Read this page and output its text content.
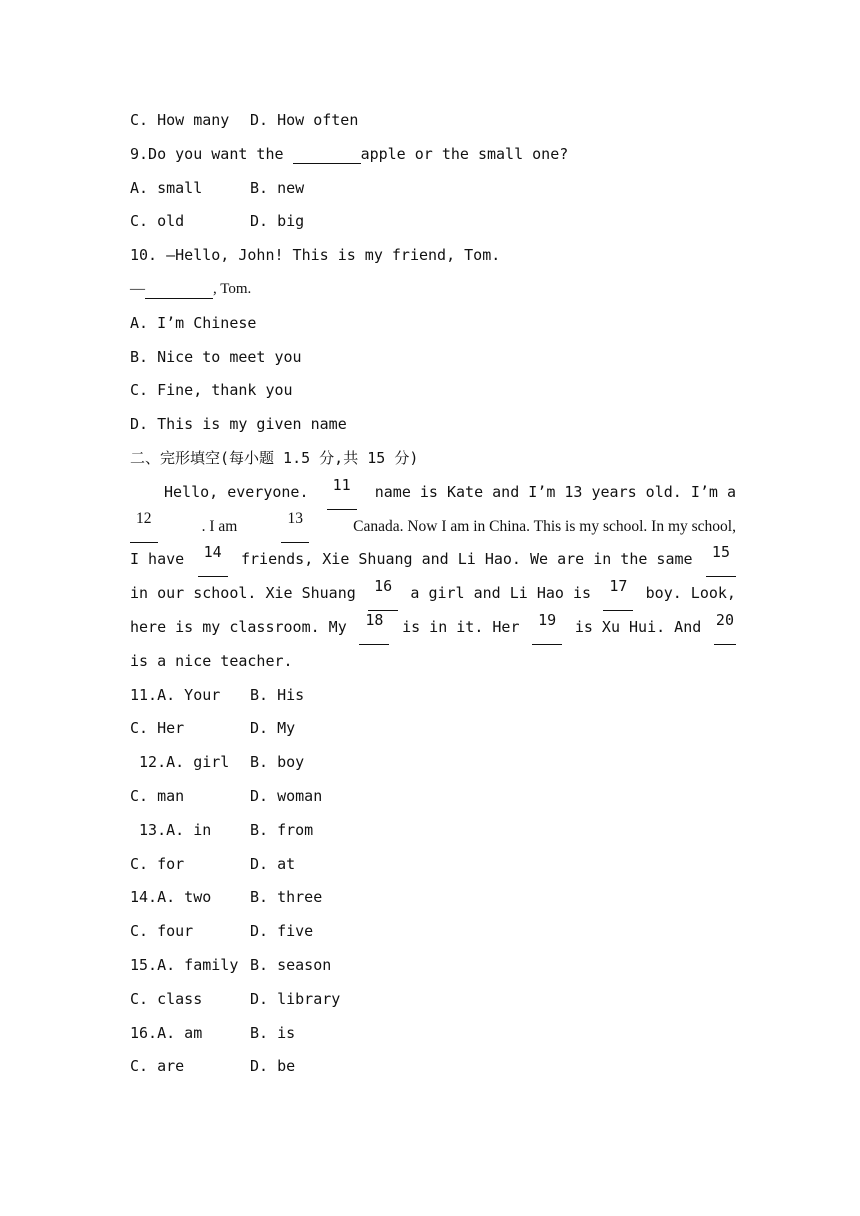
C. How many	D. How often
9.Do you want the	apple or the small one?
A. small	B. new
C. old	D. big
10. —Hello, John! This is my friend, Tom.
—	, Tom.
A. I’m Chinese
B. Nice to meet you
C. Fine, thank you
D. This is my given name
二、完形填空(每小题 1.5 分,共 15 分)
Hello, everyone.	11	name is Kate and I’m 13 years old. I’m a
12	. I am	13	Canada. Now I am in China. This is my school. In my school,
I have	14	friends, Xie Shuang and Li Hao. We are in the same	15
in our school. Xie Shuang	16	a girl and Li Hao is	17	boy. Look,
here is my classroom. My	18	is in it. Her	19	is Xu Hui. And 20
is a nice teacher.
11.A. Your	B. His
C. Her	D. My
12.A. girl	B. boy
C. man	D. woman
13.A. in	B. from
C. for	D. at
14.A. two	B. three
C. four	D. five
15.A. family B. season
C. class	D. library
16.A. am	B. is
C. are	D. be
